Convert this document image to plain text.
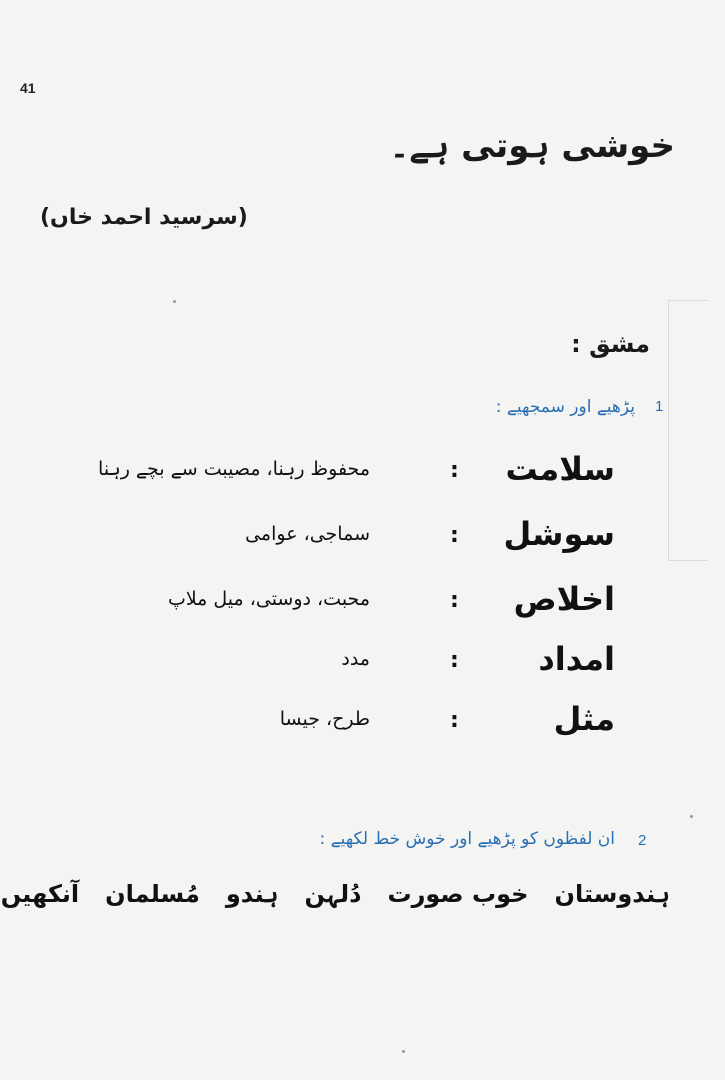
41
خوشی ہوتی ہے۔
(سرسید احمد خاں)
مشق :
1
پڑھیے اور سمجھیے :
سلامت
:
محفوظ رہنا، مصیبت سے بچے رہنا
سوشل
:
سماجی، عوامی
اخلاص
:
محبت، دوستی، میل ملاپ
امداد
:
مدد
مثل
:
طرح، جیسا
2
ان لفظوں کو پڑھیے اور خوش خط لکھیے :
ہندوستان
خوب صورت
دُلہن
ہندو
مُسلمان
آنکھیں
